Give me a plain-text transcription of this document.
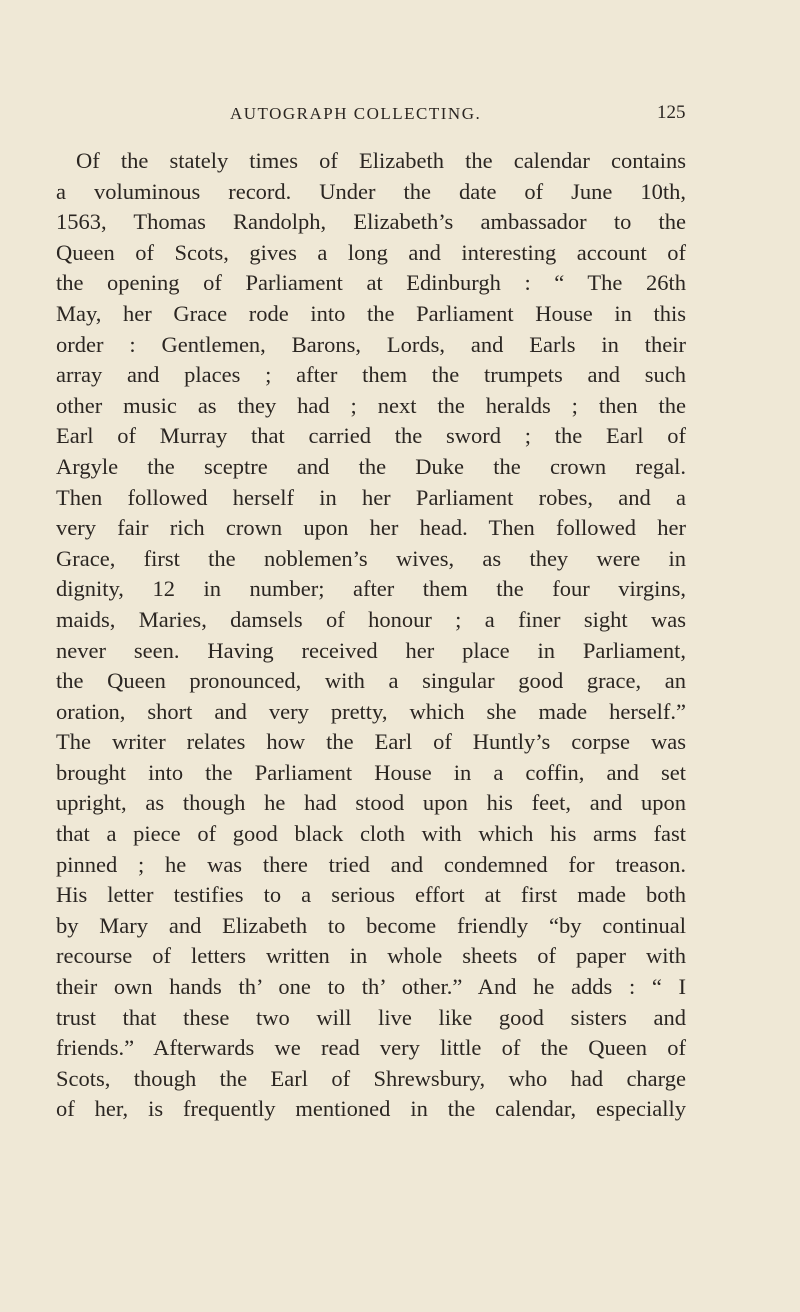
AUTOGRAPH COLLECTING.	125
Of the stately times of Elizabeth the calendar contains
a voluminous record. Under the date of June 10th,
1563, Thomas Randolph, Elizabeth’s ambassador to the
Queen of Scots, gives a long and interesting account of
the opening of Parliament at Edinburgh : “ The 26th
May, her Grace rode into the Parliament House in this
order : Gentlemen, Barons, Lords, and Earls in their
array and places ; after them the trumpets and such
other music as they had ; next the heralds ; then the
Earl of Murray that carried the sword ; the Earl of
Argyle the sceptre and the Duke the crown regal.
Then followed herself in her Parliament robes, and a
very fair rich crown upon her head. Then followed her
Grace, first the noblemen’s wives, as they were in
dignity, 12 in number; after them the four virgins,
maids, Maries, damsels of honour ; a finer sight was
never seen. Having received her place in Parliament,
the Queen pronounced, with a singular good grace, an
oration, short and very pretty, which she made herself.”
The writer relates how the Earl of Huntly’s corpse was
brought into the Parliament House in a coffin, and set
upright, as though he had stood upon his feet, and upon
that a piece of good black cloth with which his arms fast
pinned ; he was there tried and condemned for treason.
His letter testifies to a serious effort at first made both
by Mary and Elizabeth to become friendly “by continual
recourse of letters written in whole sheets of paper with
their own hands th’ one to th’ other.” And he adds : “ I
trust that these two will live like good sisters and
friends.” Afterwards we read very little of the Queen of
Scots, though the Earl of Shrewsbury, who had charge
of her, is frequently mentioned in the calendar, especially
